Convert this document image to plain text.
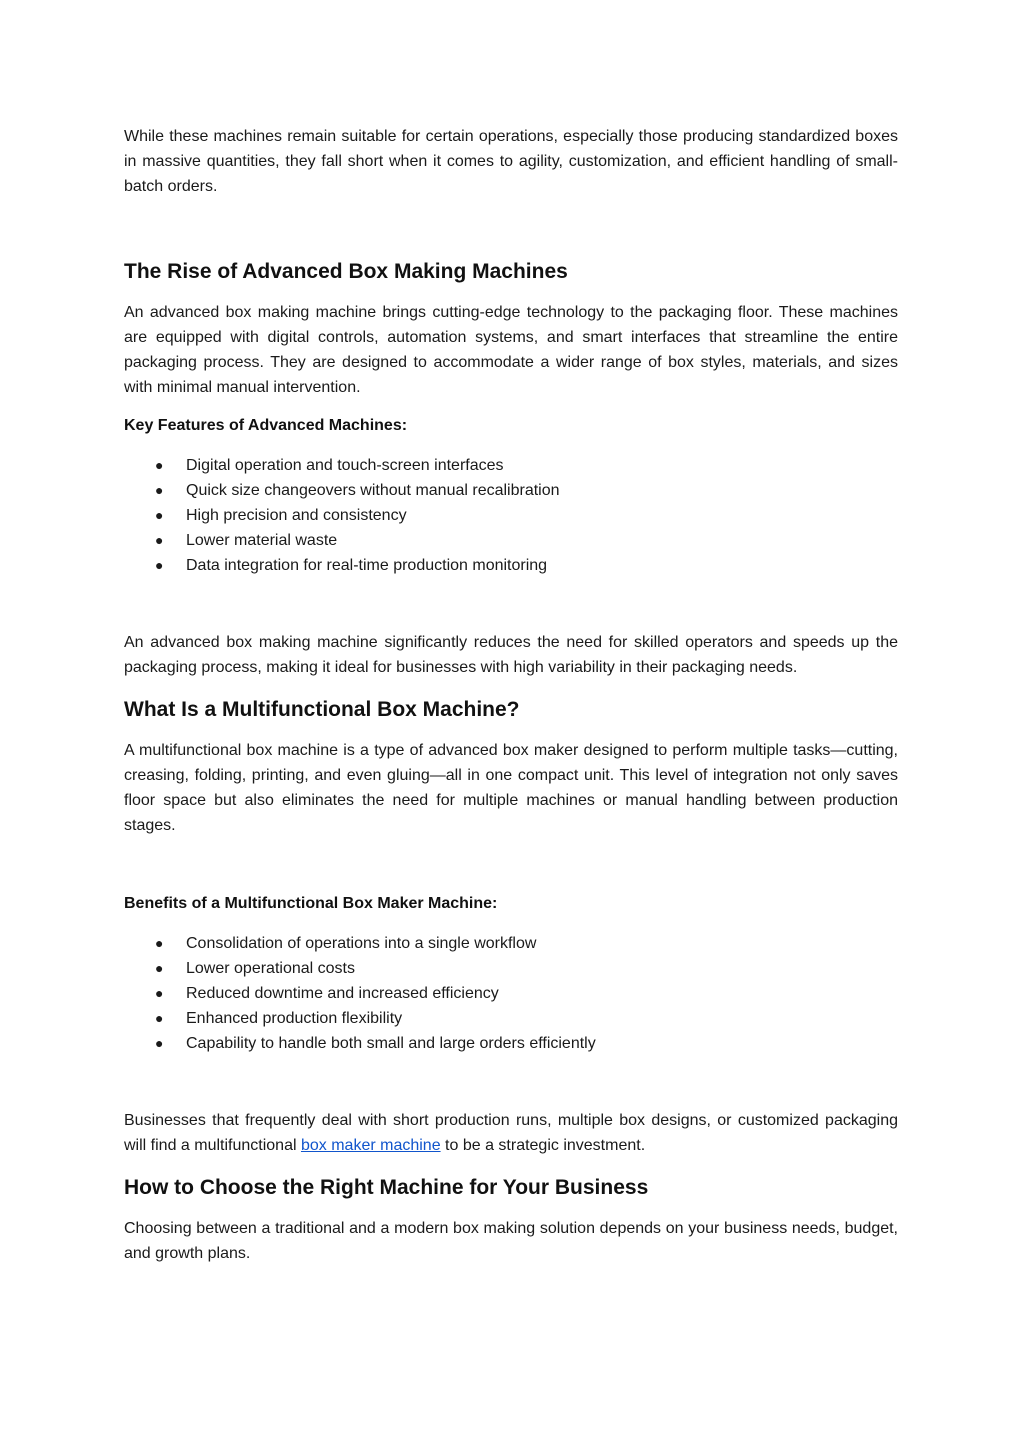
While these machines remain suitable for certain operations, especially those producing standardized boxes in massive quantities, they fall short when it comes to agility, customization, and efficient handling of small-batch orders.

The Rise of Advanced Box Making Machines

An advanced box making machine brings cutting-edge technology to the packaging floor. These machines are equipped with digital controls, automation systems, and smart interfaces that streamline the entire packaging process. They are designed to accommodate a wider range of box styles, materials, and sizes with minimal manual intervention.

Key Features of Advanced Machines:
● Digital operation and touch-screen interfaces
● Quick size changeovers without manual recalibration
● High precision and consistency
● Lower material waste
● Data integration for real-time production monitoring

An advanced box making machine significantly reduces the need for skilled operators and speeds up the packaging process, making it ideal for businesses with high variability in their packaging needs.

What Is a Multifunctional Box Machine?

A multifunctional box machine is a type of advanced box maker designed to perform multiple tasks—cutting, creasing, folding, printing, and even gluing—all in one compact unit. This level of integration not only saves floor space but also eliminates the need for multiple machines or manual handling between production stages.

Benefits of a Multifunctional Box Maker Machine:
● Consolidation of operations into a single workflow
● Lower operational costs
● Reduced downtime and increased efficiency
● Enhanced production flexibility
● Capability to handle both small and large orders efficiently

Businesses that frequently deal with short production runs, multiple box designs, or customized packaging will find a multifunctional box maker machine to be a strategic investment.

How to Choose the Right Machine for Your Business

Choosing between a traditional and a modern box making solution depends on your business needs, budget, and growth plans.
